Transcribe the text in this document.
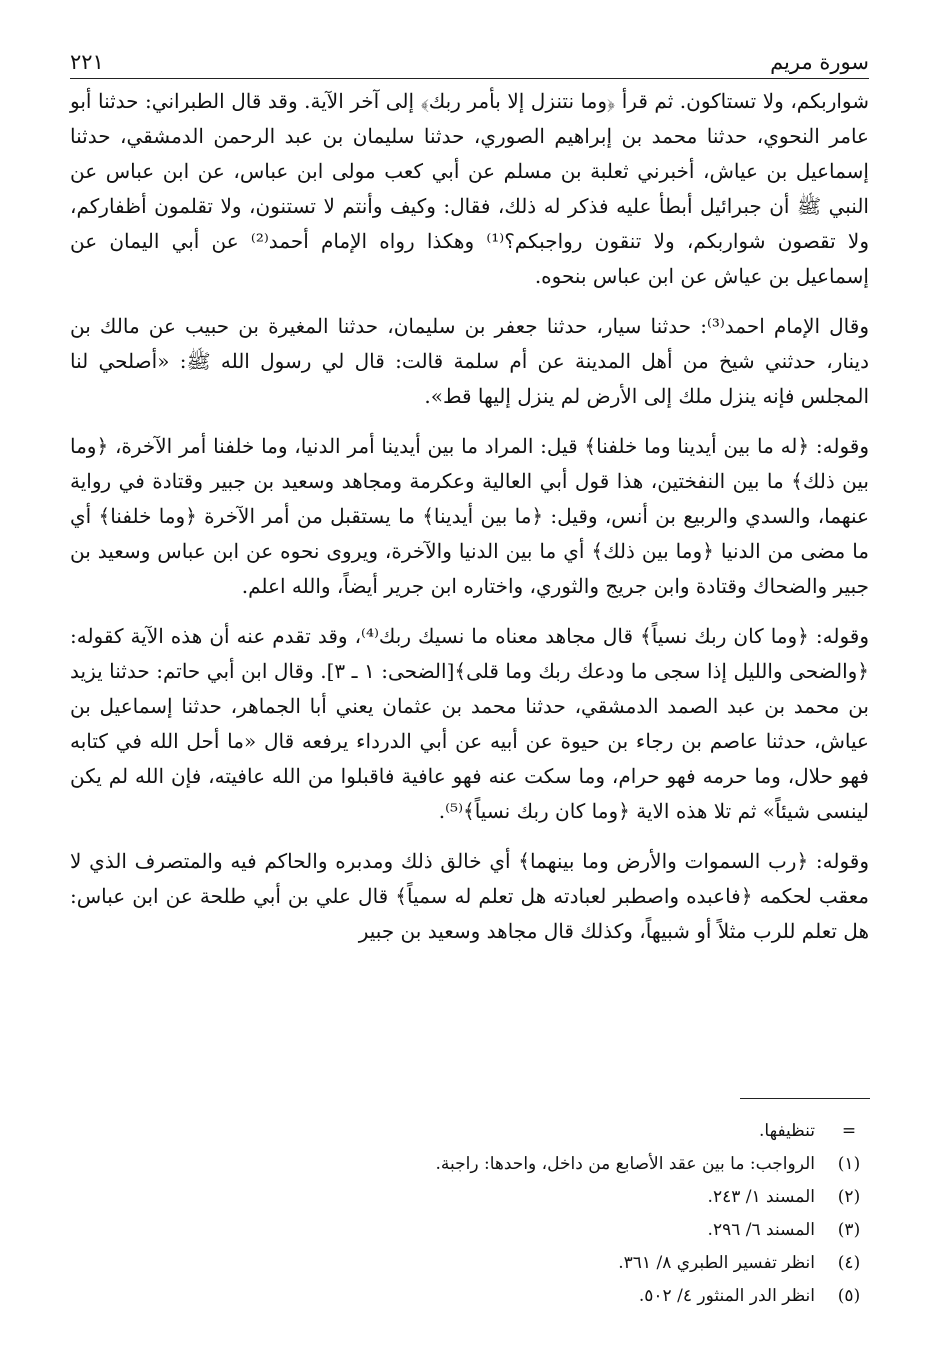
سورة مريم
٢٢١

شواربكم، ولا تستاكون. ثم قرأ ﴿وما نتنزل إلا بأمر ربك﴾ إلى آخر الآية. وقد قال الطبراني: حدثنا أبو عامر النحوي، حدثنا محمد بن إبراهيم الصوري، حدثنا سليمان بن عبد الرحمن الدمشقي، حدثنا إسماعيل بن عياش، أخبرني ثعلبة بن مسلم عن أبي كعب مولى ابن عباس، عن ابن عباس عن النبي ﷺ أن جبرائيل أبطأ عليه فذكر له ذلك، فقال: وكيف وأنتم لا تستنون، ولا تقلمون أظفاركم، ولا تقصون شواربكم، ولا تنقون رواجبكم؟⁽¹⁾ وهكذا رواه الإمام أحمد⁽²⁾ عن أبي اليمان عن إسماعيل بن عياش عن ابن عباس بنحوه.

وقال الإمام احمد⁽³⁾: حدثنا سيار، حدثنا جعفر بن سليمان، حدثنا المغيرة بن حبيب عن مالك بن دينار، حدثني شيخ من أهل المدينة عن أم سلمة قالت: قال لي رسول الله ﷺ: «أصلحي لنا المجلس فإنه ينزل ملك إلى الأرض لم ينزل إليها قط».

وقوله: ﴿له ما بين أيدينا وما خلفنا﴾ قيل: المراد ما بين أيدينا أمر الدنيا، وما خلفنا أمر الآخرة، ﴿وما بين ذلك﴾ ما بين النفختين، هذا قول أبي العالية وعكرمة ومجاهد وسعيد بن جبير وقتادة في رواية عنهما، والسدي والربيع بن أنس، وقيل: ﴿ما بين أيدينا﴾ ما يستقبل من أمر الآخرة ﴿وما خلفنا﴾ أي ما مضى من الدنيا ﴿وما بين ذلك﴾ أي ما بين الدنيا والآخرة، ويروى نحوه عن ابن عباس وسعيد بن جبير والضحاك وقتادة وابن جريج والثوري، واختاره ابن جرير أيضاً، والله اعلم.

وقوله: ﴿وما كان ربك نسياً﴾ قال مجاهد معناه ما نسيك ربك⁽⁴⁾، وقد تقدم عنه أن هذه الآية كقوله: ﴿والضحى والليل إذا سجى ما ودعك ربك وما قلى﴾[الضحى: ١ ـ ٣]. وقال ابن أبي حاتم: حدثنا يزيد بن محمد بن عبد الصمد الدمشقي، حدثنا محمد بن عثمان يعني أبا الجماهر، حدثنا إسماعيل بن عياش، حدثنا عاصم بن رجاء بن حيوة عن أبيه عن أبي الدرداء يرفعه قال «ما أحل الله في كتابه فهو حلال، وما حرمه فهو حرام، وما سكت عنه فهو عافية فاقبلوا من الله عافيته، فإن الله لم يكن لينسى شيئاً» ثم تلا هذه الاية ﴿وما كان ربك نسياً﴾⁽⁵⁾.

وقوله: ﴿رب السموات والأرض وما بينهما﴾ أي خالق ذلك ومدبره والحاكم فيه والمتصرف الذي لا معقب لحكمه ﴿فاعبده واصطبر لعبادته هل تعلم له سمياً﴾ قال علي بن أبي طلحة عن ابن عباس: هل تعلم للرب مثلاً أو شبيهاً، وكذلك قال مجاهد وسعيد بن جبير

=
تنظيفها.
(١)
الرواجب: ما بين عقد الأصابع من داخل، واحدها: راجبة.
(٢)
المسند ١/ ٢٤٣.
(٣)
المسند ٦/ ٢٩٦.
(٤)
انظر تفسير الطبري ٨/ ٣٦١.
(٥)
انظر الدر المنثور ٤/ ٥٠٢.
